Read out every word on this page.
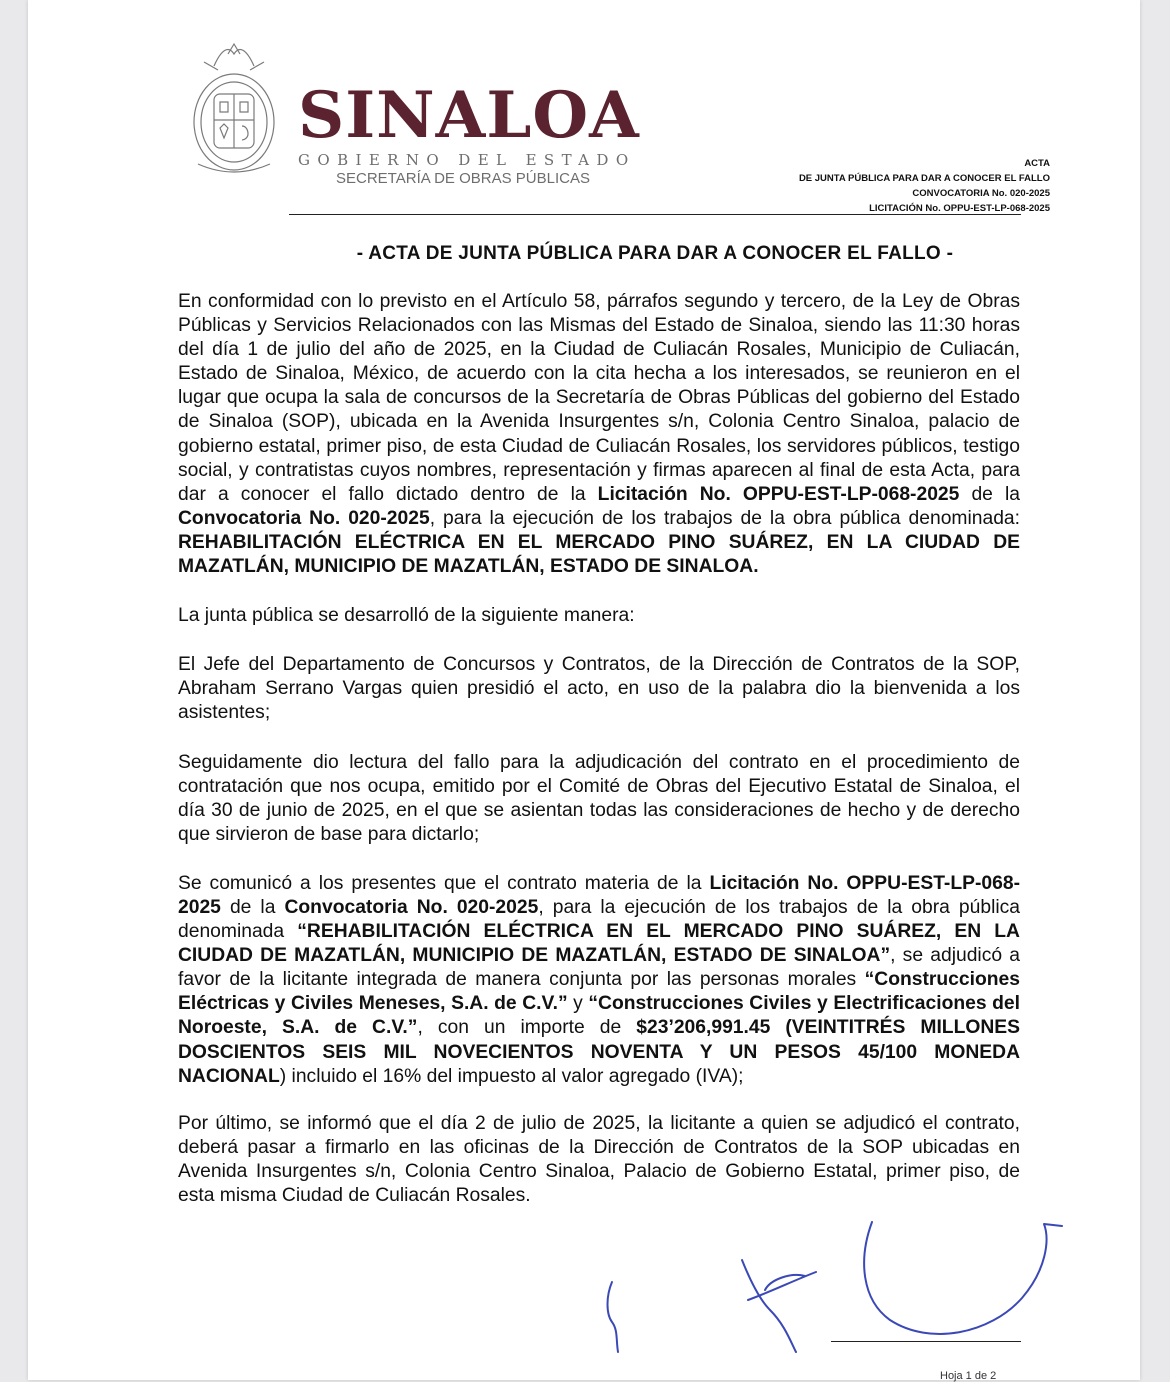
SINALOA
GOBIERNO DEL ESTADO
SECRETARÍA DE OBRAS PÚBLICAS
ACTA
DE JUNTA PÚBLICA PARA DAR A CONOCER EL FALLO
CONVOCATORIA No. 020-2025
LICITACIÓN No. OPPU-EST-LP-068-2025
- ACTA DE JUNTA PÚBLICA PARA DAR A CONOCER EL FALLO -

En conformidad con lo previsto en el Artículo 58, párrafos segundo y tercero, de la Ley de Obras Públicas y Servicios Relacionados con las Mismas del Estado de Sinaloa, siendo las 11:30 horas del día 1 de julio del año de 2025, en la Ciudad de Culiacán Rosales, Municipio de Culiacán, Estado de Sinaloa, México, de acuerdo con la cita hecha a los interesados, se reunieron en el lugar que ocupa la sala de concursos de la Secretaría de Obras Públicas del gobierno del Estado de Sinaloa (SOP), ubicada en la Avenida Insurgentes s/n, Colonia Centro Sinaloa, palacio de gobierno estatal, primer piso, de esta Ciudad de Culiacán Rosales, los servidores públicos, testigo social, y contratistas cuyos nombres, representación y firmas aparecen al final de esta Acta, para dar a conocer el fallo dictado dentro de la Licitación No. OPPU-EST-LP-068-2025 de la Convocatoria No. 020-2025, para la ejecución de los trabajos de la obra pública denominada: REHABILITACIÓN ELÉCTRICA EN EL MERCADO PINO SUÁREZ, EN LA CIUDAD DE MAZATLÁN, MUNICIPIO DE MAZATLÁN, ESTADO DE SINALOA.

La junta pública se desarrolló de la siguiente manera:

El Jefe del Departamento de Concursos y Contratos, de la Dirección de Contratos de la SOP, Abraham Serrano Vargas quien presidió el acto, en uso de la palabra dio la bienvenida a los asistentes;

Seguidamente dio lectura del fallo para la adjudicación del contrato en el procedimiento de contratación que nos ocupa, emitido por el Comité de Obras del Ejecutivo Estatal de Sinaloa, el día 30 de junio de 2025, en el que se asientan todas las consideraciones de hecho y de derecho que sirvieron de base para dictarlo;

Se comunicó a los presentes que el contrato materia de la Licitación No. OPPU-EST-LP-068-2025 de la Convocatoria No. 020-2025, para la ejecución de los trabajos de la obra pública denominada “REHABILITACIÓN ELÉCTRICA EN EL MERCADO PINO SUÁREZ, EN LA CIUDAD DE MAZATLÁN, MUNICIPIO DE MAZATLÁN, ESTADO DE SINALOA”, se adjudicó a favor de la licitante integrada de manera conjunta por las personas morales “Construcciones Eléctricas y Civiles Meneses, S.A. de C.V.” y “Construcciones Civiles y Electrificaciones del Noroeste, S.A. de C.V.”, con un importe de $23’206,991.45 (VEINTITRÉS MILLONES DOSCIENTOS SEIS MIL NOVECIENTOS NOVENTA Y UN PESOS 45/100 MONEDA NACIONAL) incluido el 16% del impuesto al valor agregado (IVA);

Por último, se informó que el día 2 de julio de 2025, la licitante a quien se adjudicó el contrato, deberá pasar a firmarlo en las oficinas de la Dirección de Contratos de la SOP ubicadas en Avenida Insurgentes s/n, Colonia Centro Sinaloa, Palacio de Gobierno Estatal, primer piso, de esta misma Ciudad de Culiacán Rosales.

Hoja 1 de 2
